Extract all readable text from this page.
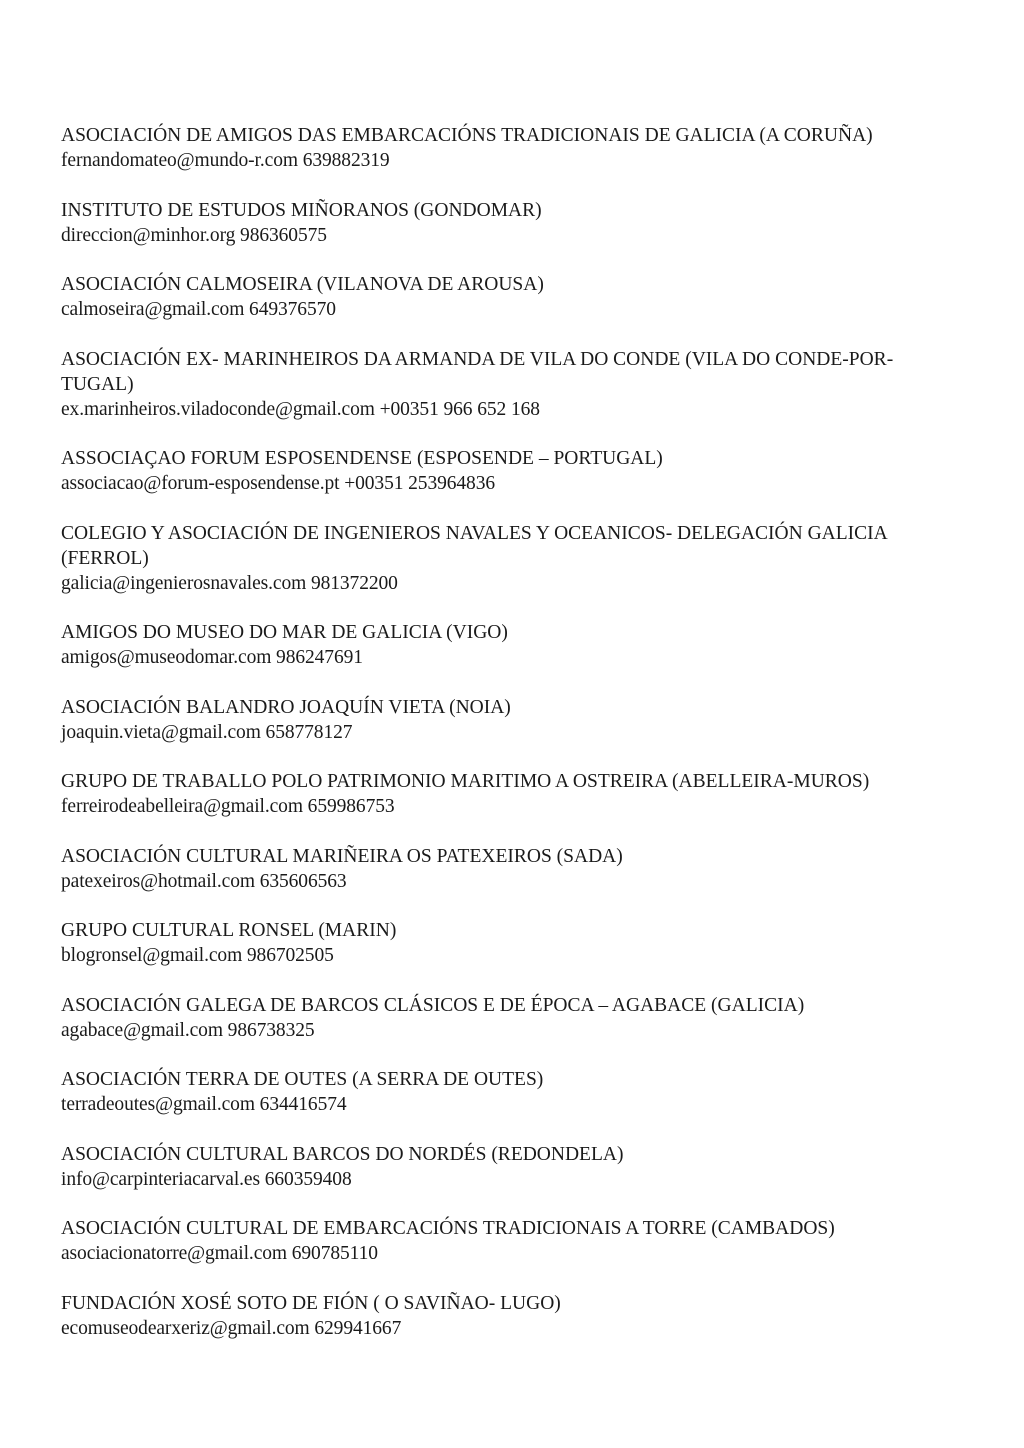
ASOCIACIÓN DE AMIGOS DAS EMBARCACIÓNS TRADICIONAIS DE GALICIA (A CORUÑA)
fernandomateo@mundo-r.com 639882319
INSTITUTO DE ESTUDOS MIÑORANOS (GONDOMAR)
direccion@minhor.org 986360575
ASOCIACIÓN CALMOSEIRA (VILANOVA DE AROUSA)
calmoseira@gmail.com 649376570
ASOCIACIÓN EX- MARINHEIROS DA ARMANDA DE VILA DO CONDE (VILA DO CONDE-POR-
TUGAL)
ex.marinheiros.viladoconde@gmail.com +00351 966 652 168
ASSOCIAÇAO FORUM ESPOSENDENSE (ESPOSENDE – PORTUGAL)
associacao@forum-esposendense.pt +00351 253964836
COLEGIO Y ASOCIACIÓN DE INGENIEROS NAVALES Y OCEANICOS- DELEGACIÓN GALICIA
(FERROL)
galicia@ingenierosnavales.com 981372200
AMIGOS DO MUSEO DO MAR DE GALICIA (VIGO)
amigos@museodomar.com 986247691
ASOCIACIÓN BALANDRO JOAQUÍN VIETA (NOIA)
joaquin.vieta@gmail.com 658778127
GRUPO DE TRABALLO POLO PATRIMONIO MARITIMO A OSTREIRA (ABELLEIRA-MUROS)
ferreirodeabelleira@gmail.com 659986753
ASOCIACIÓN CULTURAL MARIÑEIRA OS PATEXEIROS (SADA)
patexeiros@hotmail.com 635606563
GRUPO CULTURAL RONSEL (MARIN)
blogronsel@gmail.com 986702505
ASOCIACIÓN GALEGA DE BARCOS CLÁSICOS E DE ÉPOCA – AGABACE (GALICIA)
agabace@gmail.com 986738325
ASOCIACIÓN TERRA DE OUTES (A SERRA DE OUTES)
terradeoutes@gmail.com 634416574
ASOCIACIÓN CULTURAL BARCOS DO NORDÉS (REDONDELA)
info@carpinteriacarval.es 660359408
ASOCIACIÓN CULTURAL DE EMBARCACIÓNS TRADICIONAIS A TORRE (CAMBADOS)
asociacionatorre@gmail.com 690785110
FUNDACIÓN XOSÉ SOTO DE FIÓN ( O SAVIÑAO- LUGO)
ecomuseodearxeriz@gmail.com 629941667
